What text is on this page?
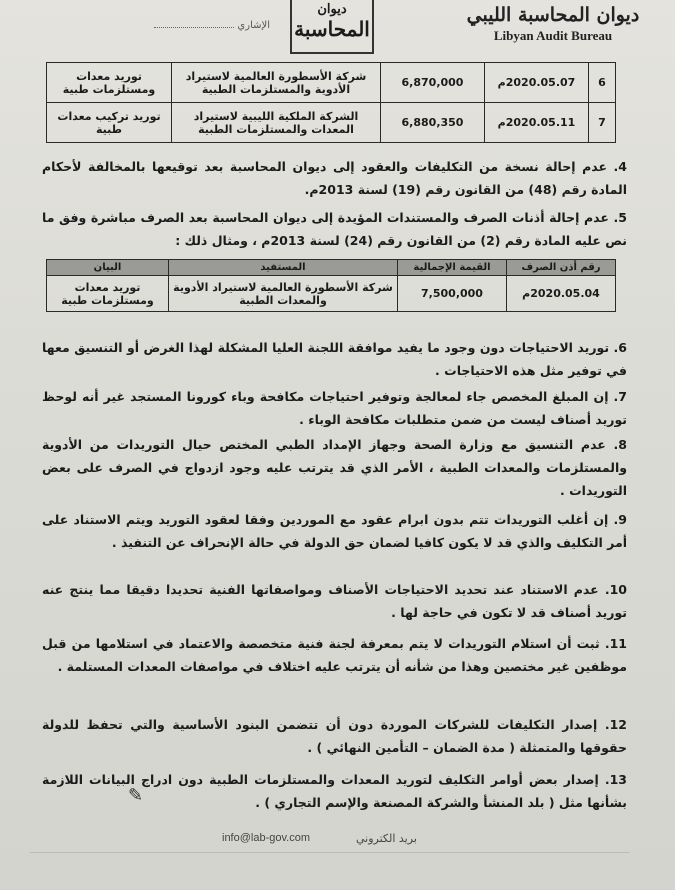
ديوان المحاسبة الليبي
Libyan Audit Bureau
ديوان
المحاسبة
الإشاري
6	2020.05.07م	6,870,000	شركة الأسطورة العالمية لاستيراد الأدوية والمستلزمات الطبية	توريد معدات ومستلزمات طبية
7	2020.05.11م	6,880,350	الشركة الملكية الليبية لاستيراد المعدات والمستلزمات الطبية	توريد تركيب معدات طبية
4. عدم إحالة نسخة من التكليفات والعقود إلى ديوان المحاسبة بعد توقيعها بالمخالفة لأحكام المادة رقم (48) من القانون رقم (19) لسنة 2013م.
5. عدم إحالة أذنات الصرف والمستندات المؤيدة إلى ديوان المحاسبة بعد الصرف مباشرة وفق ما نص عليه المادة رقم (2) من القانون رقم (24) لسنة 2013م ، ومثال ذلك :
رقم أذن الصرف	القيمة الإجمالية	المستفيد	البيان
2020.05.04م	7,500,000	شركة الأسطورة العالمية لاستيراد الأدوية والمعدات الطبية	توريد معدات ومستلزمات طبية
6. توريد الاحتياجات دون وجود ما يفيد موافقة اللجنة العليا المشكلة لهذا الغرض أو التنسيق معها في توفير مثل هذه الاحتياجات .
7. إن المبلغ المخصص جاء لمعالجة وتوفير احتياجات مكافحة وباء كورونا المستجد غير أنه لوحظ توريد أصناف ليست من ضمن متطلبات مكافحة الوباء .
8. عدم التنسيق مع وزارة الصحة وجهاز الإمداد الطبي المختص حيال التوريدات من الأدوية والمستلزمات والمعدات الطبية ، الأمر الذي قد يترتب عليه وجود ازدواج في الصرف على بعض التوريدات .
9. إن أغلب التوريدات تتم بدون ابرام عقود مع الموردين وفقا لعقود التوريد ويتم الاستناد على أمر التكليف والذي قد لا يكون كافيا لضمان حق الدولة في حالة الإنحراف عن التنفيذ .
10. عدم الاستناد عند تحديد الاحتياجات الأصناف ومواصفاتها الفنية تحديدا دقيقا مما ينتج عنه توريد أصناف قد لا تكون في حاجة لها .
11. ثبت أن استلام التوريدات لا يتم بمعرفة لجنة فنية متخصصة والاعتماد في استلامها من قبل موظفين غير مختصين وهذا من شأنه أن يترتب عليه اختلاف في مواصفات المعدات المستلمة .
12. إصدار التكليفات للشركات الموردة دون أن تتضمن البنود الأساسية والتي تحفظ للدولة حقوقها والمتمثلة ( مدة الضمان – التأمين النهائي ) .
13. إصدار بعض أوامر التكليف لتوريد المعدات والمستلزمات الطبية دون ادراج البيانات اللازمة بشأنها مثل ( بلد المنشأ والشركة المصنعة والإسم التجاري ) .
✎
info@lab-gov.com	بريد الكتروني
